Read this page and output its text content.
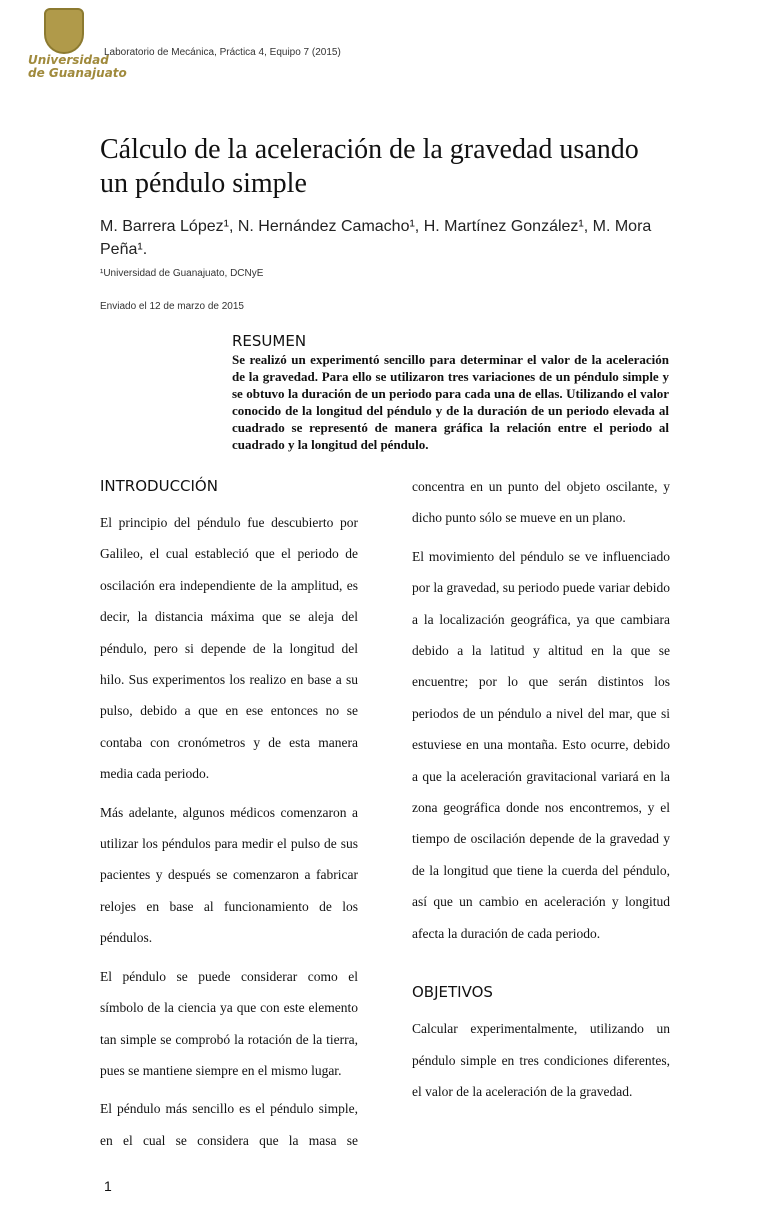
Universidad
de Guanajuato
Laboratorio de Mecánica, Práctica 4, Equipo 7 (2015)
Cálculo de la aceleración de la gravedad usando un péndulo simple
M. Barrera López¹, N. Hernández Camacho¹, H. Martínez González¹, M. Mora Peña¹.
¹Universidad de Guanajuato, DCNyE
Enviado el 12 de marzo de 2015
RESUMEN

Se realizó un experimentó sencillo para determinar el valor de la aceleración de la gravedad. Para ello se utilizaron tres variaciones de un péndulo simple y se obtuvo la duración de un periodo para cada una de ellas. Utilizando el valor conocido de la longitud del péndulo y de la duración de un periodo elevada al cuadrado se representó de manera gráfica la relación entre el periodo al cuadrado y la longitud del péndulo.

INTRODUCCIÓN

El principio del péndulo fue descubierto por Galileo, el cual estableció que el periodo de oscilación era independiente de la amplitud, es decir, la distancia máxima que se aleja del péndulo, pero si depende de la longitud del hilo. Sus experimentos los realizo en base a su pulso, debido a que en ese entonces no se contaba con cronómetros y de esta manera media cada periodo.

Más adelante, algunos médicos comenzaron a utilizar los péndulos para medir el pulso de sus pacientes y después se comenzaron a fabricar relojes en base al funcionamiento de los péndulos.

El péndulo se puede considerar como el símbolo de la ciencia ya que con este elemento tan simple se comprobó la rotación de la tierra, pues se mantiene siempre en el mismo lugar.

El péndulo más sencillo es el péndulo simple, en el cual se considera que la masa se

concentra en un punto del objeto oscilante, y dicho punto sólo se mueve en un plano.

El movimiento del péndulo se ve influenciado por la gravedad, su periodo puede variar debido a la localización geográfica, ya que cambiara debido a la latitud y altitud en la que se encuentre; por lo que serán distintos los periodos de un péndulo a nivel del mar, que si estuviese en una montaña. Esto ocurre, debido a que la aceleración gravitacional variará en la zona geográfica donde nos encontremos, y el tiempo de oscilación depende de la gravedad y de la longitud que tiene la cuerda del péndulo, así que un cambio en aceleración y longitud afecta la duración de cada periodo.

OBJETIVOS

Calcular experimentalmente, utilizando un péndulo simple en tres condiciones diferentes, el valor de la aceleración de la gravedad.

1
